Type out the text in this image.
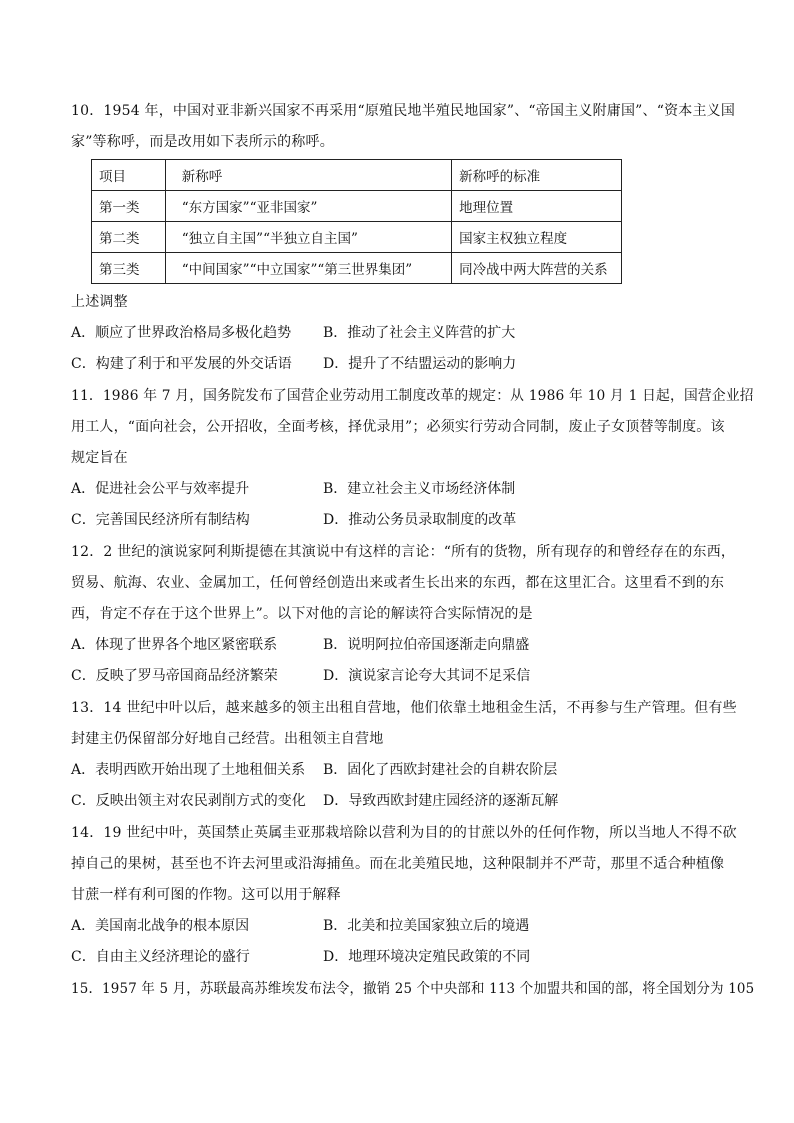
10．1954 年，中国对亚非新兴国家不再采用“原殖民地半殖民地国家”、“帝国主义附庸国”、“资本主义国
家”等称呼，而是改用如下表所示的称呼。
项目	新称呼	新称呼的标准
第一类	“东方国家”“亚非国家”	地理位置
第二类	“独立自主国”“半独立自主国”	国家主权独立程度
第三类	“中间国家”“中立国家”“第三世界集团”	同冷战中两大阵营的关系
上述调整
A．顺应了世界政治格局多极化趋势 B．推动了社会主义阵营的扩大
C．构建了利于和平发展的外交话语 D．提升了不结盟运动的影响力
11．1986 年 7 月，国务院发布了国营企业劳动用工制度改革的规定：从 1986 年 10 月 1 日起，国营企业招
用工人，“面向社会，公开招收，全面考核，择优录用”；必须实行劳动合同制，废止子女顶替等制度。该
规定旨在
A．促进社会公平与效率提升	B．建立社会主义市场经济体制
C．完善国民经济所有制结构	D．推动公务员录取制度的改革
12．2 世纪的演说家阿利斯提德在其演说中有这样的言论：“所有的货物，所有现存的和曾经存在的东西，
贸易、航海、农业、金属加工，任何曾经创造出来或者生长出来的东西，都在这里汇合。这里看不到的东
西，肯定不存在于这个世界上”。以下对他的言论的解读符合实际情况的是
A．体现了世界各个地区紧密联系	B．说明阿拉伯帝国逐渐走向鼎盛
C．反映了罗马帝国商品经济繁荣	D．演说家言论夸大其词不足采信
13．14 世纪中叶以后，越来越多的领主出租自营地，他们依靠土地租金生活，不再参与生产管理。但有些
封建主仍保留部分好地自己经营。出租领主自营地
A．表明西欧开始出现了土地租佃关系 B．固化了西欧封建社会的自耕农阶层
C．反映出领主对农民剥削方式的变化 D．导致西欧封建庄园经济的逐渐瓦解
14．19 世纪中叶，英国禁止英属圭亚那栽培除以营利为目的的甘蔗以外的任何作物，所以当地人不得不砍
掉自己的果树，甚至也不许去河里或沿海捕鱼。而在北美殖民地，这种限制并不严苛，那里不适合种植像
甘蔗一样有利可图的作物。这可以用于解释
A．美国南北战争的根本原因	B．北美和拉美国家独立后的境遇
C．自由主义经济理论的盛行	D．地理环境决定殖民政策的不同
15．1957 年 5 月，苏联最高苏维埃发布法令，撤销 25 个中央部和 113 个加盟共和国的部，将全国划分为 105
